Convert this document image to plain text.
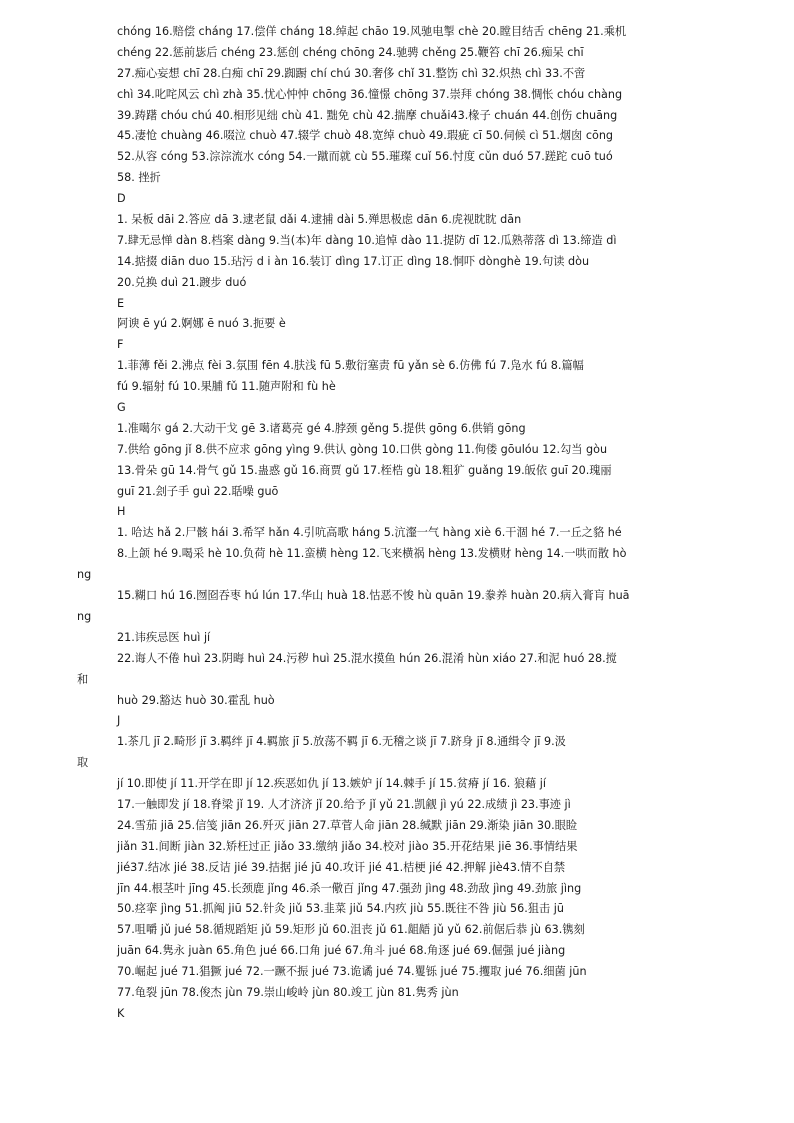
chóng 16.赔偿 cháng 17.偿佯 cháng 18.绰起 chāo 19.风驰电掣 chè 20.瞠目结舌 chēng 21.乘机
chéng 22.惩前毖后 chéng 23.惩创 chéng chōng 24.驰骋 chěng 25.鞭笞 chī 26.痴呆 chī
27.痴心妄想 chī 28.白痴 chī 29.踟蹰 chí chú 30.奢侈 chǐ 31.整饬 chì 32.炽热 chì 33.不啻
chì 34.叱咤风云 chì zhà 35.忧心忡忡 chōng 36.憧憬 chōng 37.崇拜 chóng 38.惆怅 chóu chàng
39.踌躇 chóu chú 40.相形见绌 chù 41. 黜免 chù 42.揣摩 chuǎi43.椽子 chuán 44.创伤 chuāng
45.凄怆 chuàng 46.啜泣 chuò 47.辍学 chuò 48.宽绰 chuò 49.瑕疵 cī 50.伺候 cì 51.烟囱 cōng
52.从容 cóng 53.淙淙流水 cóng 54.一蹴而就 cù 55.璀璨 cuǐ 56.忖度 cǔn duó 57.蹉跎 cuō tuó
58. 挫折
D
1. 呆板 dāi 2.答应 dā 3.逮老鼠 dǎi 4.逮捕 dài 5.殚思极虑 dān 6.虎视眈眈 dān
7.肆无忌惮 dàn 8.档案 dàng 9.当(本)年 dàng 10.追悼 dào 11.提防 dī 12.瓜熟蒂落 dì 13.缔造 dì
14.掂掇 diān duo 15.玷污 d i àn 16.装订 dìng 17.订正 dìng 18.恫吓 dònghè 19.句读 dòu
20.兑换 duì 21.踱步 duó
E
阿谀 ē yú 2.婀娜 ē nuó 3.扼要 è
F
1.菲薄 fěi 2.沸点 fèi 3.氛围 fēn 4.肤浅 fū 5.敷衍塞责 fū yǎn sè 6.仿佛 fú 7.凫水 fú 8.篇幅
fú 9.辐射 fú 10.果脯 fǔ 11.随声附和 fù hè
G
1.准噶尔 gá 2.大动干戈 gē 3.诸葛亮 gé 4.脖颈 gěng 5.提供 gōng 6.供销 gōng
7.供给 gōng jǐ 8.供不应求 gōng yìng 9.供认 gòng 10.口供 gòng 11.佝偻 gōulóu 12.勾当 gòu
13.骨朵 gū 14.骨气 gǔ 15.蛊惑 gǔ 16.商贾 gǔ 17.桎梏 gù 18.粗犷 guǎng 19.皈依 guī 20.瑰丽
guī 21.刽子手 guì 22.聒噪 guō
H
1. 哈达 hǎ 2.尸骸 hái 3.希罕 hǎn 4.引吭高歌 háng 5.沆瀣一气 hàng xiè 6.干涸 hé 7.一丘之貉 hé
8.上颌 hé 9.喝采 hè 10.负荷 hè 11.蛮横 hèng 12.飞来横祸 hèng 13.发横财 hèng 14.一哄而散 hò
ng
15.糊口 hú 16.囫囵吞枣 hú lún 17.华山 huà 18.怙恶不悛 hù quān 19.豢养 huàn 20.病入膏肓 huā
ng
21.讳疾忌医 huì jí
22.诲人不倦 huì 23.阴晦 huì 24.污秽 huì 25.混水摸鱼 hún 26.混淆 hùn xiáo 27.和泥 huó 28.搅
和
huò 29.豁达 huò 30.霍乱 huò
J
1.茶几 jī 2.畸形 jī 3.羁绊 jī 4.羁旅 jī 5.放荡不羁 jī 6.无稽之谈 jī 7.跻身 jī 8.通缉令 jī 9.汲
取
jí 10.即使 jí 11.开学在即 jí 12.疾恶如仇 jí 13.嫉妒 jí 14.棘手 jí 15.贫瘠 jí 16. 狼藉 jí
17.一触即发 jí 18.脊梁 jǐ 19. 人才济济 jǐ 20.给予 jǐ yǔ 21.凯觎 jì yú 22.成绩 jì 23.事迹 jì
24.雪茄 jiā 25.信笺 jiān 26.歼灭 jiān 27.草菅人命 jiān 28.缄默 jiān 29.渐染 jiān 30.眼睑
jiǎn 31.间断 jiàn 32.矫枉过正 jiǎo 33.缴纳 jiǎo 34.校对 jiào 35.开花结果 jiē 36.事情结果
jié37.结冰 jié 38.反诘 jié 39.拮据 jié jū 40.攻讦 jié 41.桔梗 jié 42.押解 jiè43.情不自禁
jīn 44.根茎叶 jīng 45.长颈鹿 jǐng 46.杀一儆百 jǐng 47.强劲 jìng 48.劲敌 jìng 49.劲旅 jìng
50.痉挛 jìng 51.抓阄 jiū 52.针灸 jiǔ 53.韭菜 jiǔ 54.内疚 jiù 55.既往不咎 jiù 56.狙击 jū
57.咀嚼 jǔ jué 58.循规蹈矩 jǔ 59.矩形 jǔ 60.沮丧 jǔ 61.龃龉 jǔ yǔ 62.前倨后恭 jù 63.镌刻
juān 64.隽永 juàn 65.角色 jué 66.口角 jué 67.角斗 jué 68.角逐 jué 69.倔强 jué jiàng
70.崛起 jué 71.猖獗 jué 72.一蹶不振 jué 73.诡谲 jué 74.矍铄 jué 75.攫取 jué 76.细菌 jūn
77.龟裂 jūn 78.俊杰 jùn 79.崇山峻岭 jùn 80.竣工 jùn 81.隽秀 jùn
K
